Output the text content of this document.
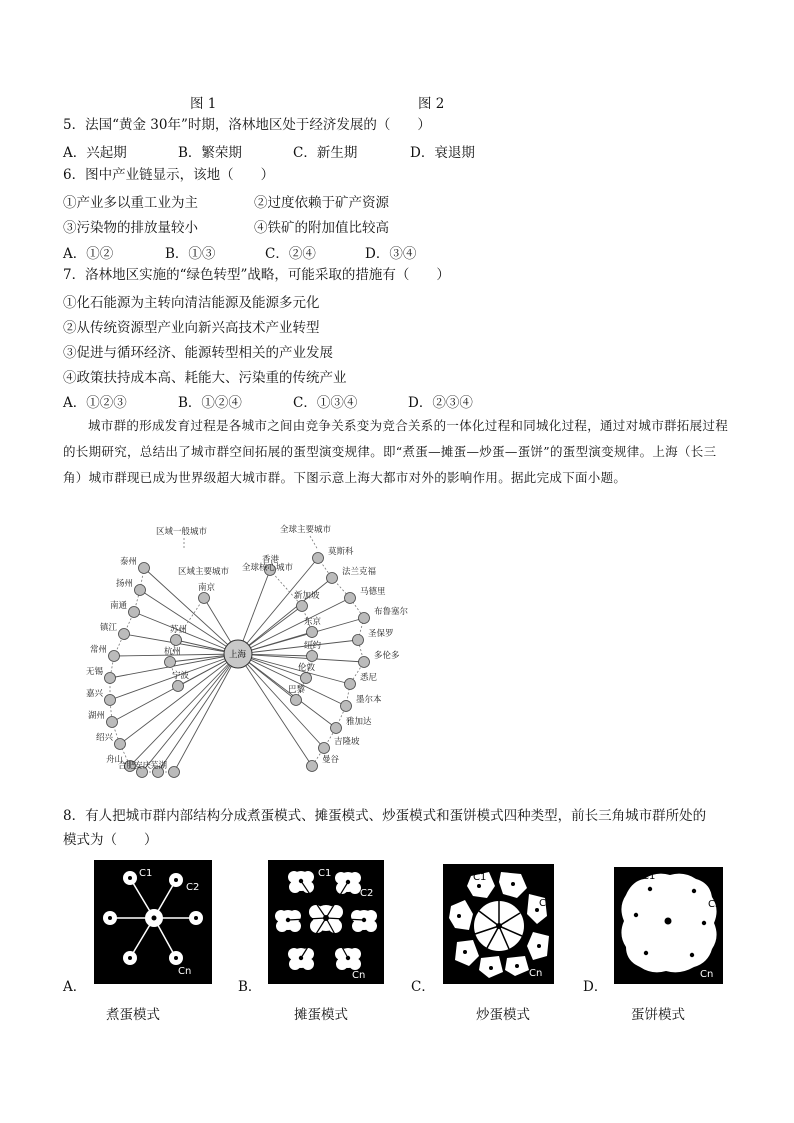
图 1	图 2
5．法国“黄金 30年”时期，洛林地区处于经济发展的（　　）
A．兴起期	B．繁荣期	C．新生期	D．衰退期
6．图中产业链显示，该地（　　）
①产业多以重工业为主	②过度依赖于矿产资源
③污染物的排放量较小	④铁矿的附加值比较高
A．①②	B．①③	C．②④	D．③④
7．洛林地区实施的“绿色转型”战略，可能采取的措施有（　　）
①化石能源为主转向清洁能源及能源多元化
②从传统资源型产业向新兴高技术产业转型
③促进与循环经济、能源转型相关的产业发展
④政策扶持成本高、耗能大、污染重的传统产业
A．①②③	B．①②④	C．①③④	D．②③④
城市群的形成发育过程是各城市之间由竞争关系变为竞合关系的一体化过程和同城化过程，通过对城市群拓展过程的长期研究，总结出了城市群空间拓展的蛋型演变规律。即“煮蛋—摊蛋—炒蛋—蛋饼”的蛋型演变规律。上海（长三角）城市群现已成为世界级超大城市群。下图示意上海大都市对外的影响作用。据此完成下面小题。
泰州
扬州
南通
镇江
常州
无锡
嘉兴
湖州
绍兴
舟山
合肥
安庆
芜湖
南京
苏州
杭州
宁波
香港
新加坡
东京
纽约
伦敦
巴黎
莫斯科
法兰克福
马德里
布鲁塞尔
圣保罗
多伦多
悉尼
墨尔本
雅加达
吉隆坡
曼谷
上海
区域一般城市
区域主要城市 全球核心城市
全球主要城市
8．有人把城市群内部结构分成煮蛋模式、摊蛋模式、炒蛋模式和蛋饼模式四种类型，前长三角城市群所处的
模式为（　　）
C1
C2
Cn
C1
C2
Cn
C1
C2
Cn
C1
C2
Cn
A．	B．	C．	D．
煮蛋模式	摊蛋模式	炒蛋模式	蛋饼模式
